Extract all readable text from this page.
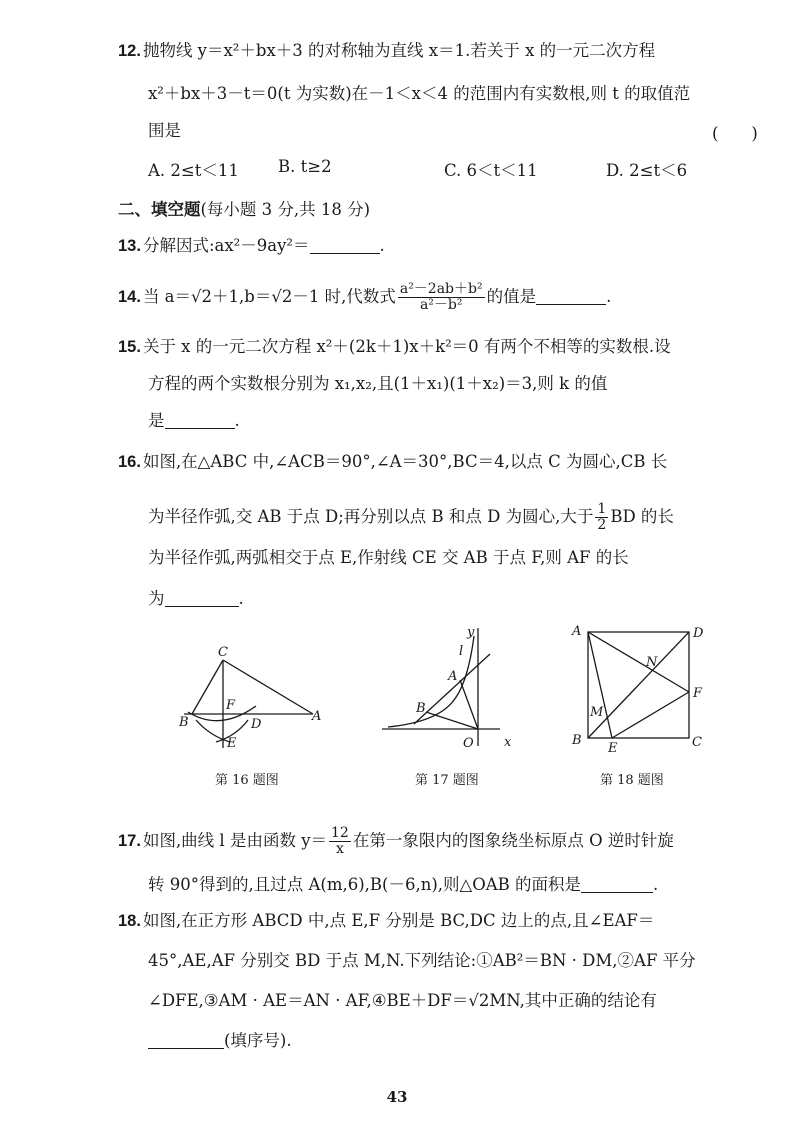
12. 抛物线 y＝x²＋bx＋3 的对称轴为直线 x＝1.若关于 x 的一元二次方程
x²＋bx＋3－t＝0(t 为实数)在－1＜x＜4 的范围内有实数根,则 t 的取值范
围是	(　　)
A. 2≤t＜11 B. t≥2	C. 6＜t＜11	D. 2≤t＜6
二、填空题(每小题 3 分,共 18 分)
13. 分解因式:ax²－9ay²＝	.
14. 当 a＝√2＋1,b＝√2－1 时,代数式 $\frac{\text{a²－2ab＋b²}}{\text{a²－b²}}$ 的值是	.
15. 关于 x 的一元二次方程 x²＋(2k＋1)x＋k²＝0 有两个不相等的实数根.设
方程的两个实数根分别为 x₁,x₂,且(1＋x₁)(1＋x₂)＝3,则 k 的值
是	.
16. 如图,在△ABC 中,∠ACB＝90°,∠A＝30°,BC＝4,以点 C 为圆心,CB 长
为半径作弧,交 AB 于点 D;再分别以点 B 和点 D 为圆心,大于 $\frac{1}{2}$ BD 的长
为半径作弧,两弧相交于点 E,作射线 CE 交 AB 于点 F,则 AF 的长
为	.
C
B
F
D
A
E
第 16 题图
y
l
A
B
O x
第 17 题图
A	D
N
F
M
B
E	C
第 18 题图
17. 如图,曲线 l 是由函数 $y= \frac{12}{x}$ 在第一象限内的图象绕坐标原点 O 逆时针旋
转 90°得到的,且过点 A(m,6),B(－6,n),则△OAB 的面积是	.
18. 如图,在正方形 ABCD 中,点 E,F 分别是 BC,DC 边上的点,且∠EAF＝
45°,AE,AF 分别交 BD 于点 M,N.下列结论:①AB²＝BN · DM,②AF 平分
∠DFE,③AM · AE＝AN · AF,④BE＋DF＝√2MN,其中正确的结论有
(填序号).
43
